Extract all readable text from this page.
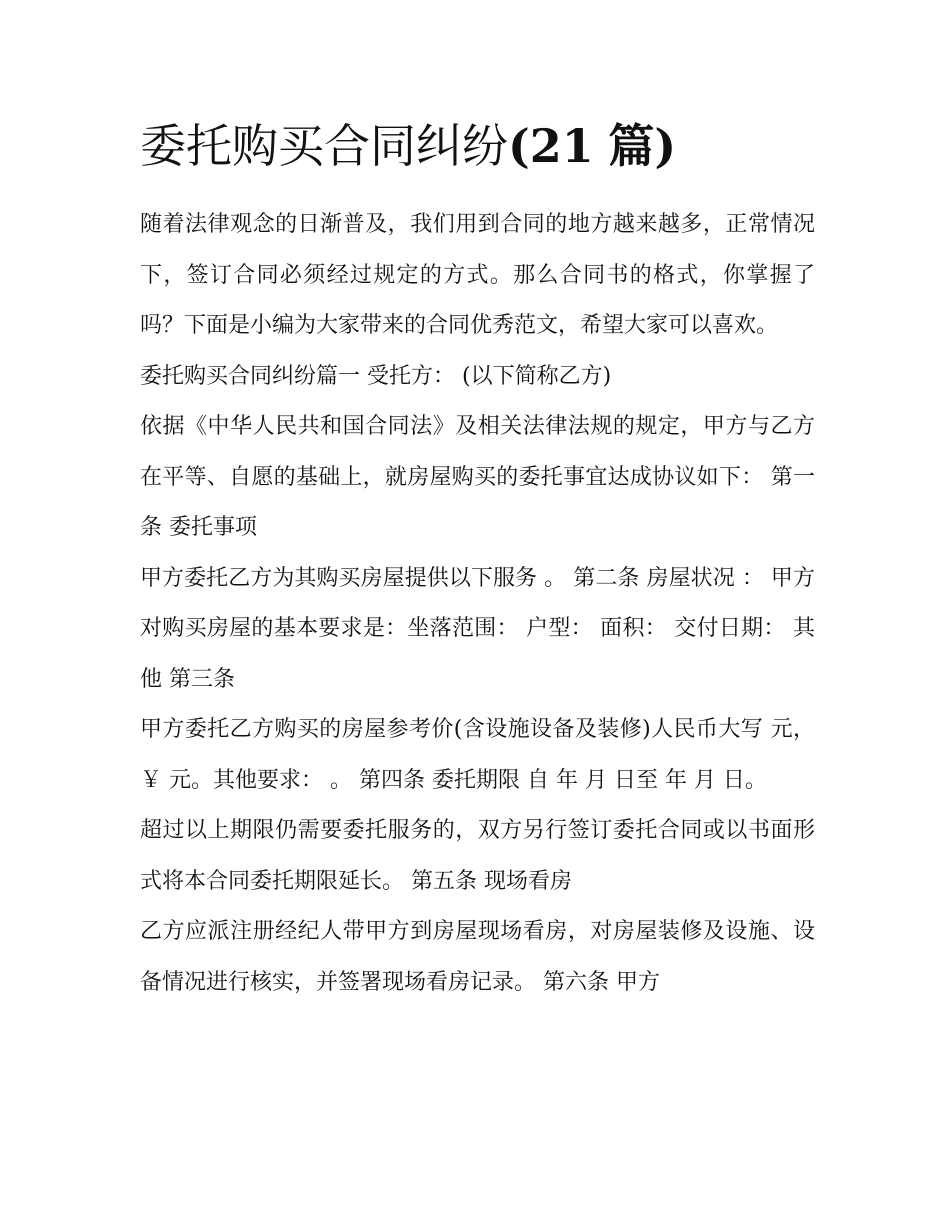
委托购买合同纠纷(21 篇)

随着法律观念的日渐普及，我们用到合同的地方越来越多，正常情况下，签订合同必须经过规定的方式。那么合同书的格式，你掌握了吗？下面是小编为大家带来的合同优秀范文，希望大家可以喜欢。

委托购买合同纠纷篇一 受托方： (以下简称乙方)

依据《中华人民共和国合同法》及相关法律法规的规定，甲方与乙方在平等、自愿的基础上，就房屋购买的委托事宜达成协议如下： 第一条 委托事项

甲方委托乙方为其购买房屋提供以下服务 。 第二条 房屋状况 ： 甲方对购买房屋的基本要求是：坐落范围： 户型： 面积： 交付日期： 其他 第三条

甲方委托乙方购买的房屋参考价(含设施设备及装修)人民币大写 元，￥ 元。其他要求： 。 第四条 委托期限 自 年 月 日至 年 月 日。

超过以上期限仍需要委托服务的，双方另行签订委托合同或以书面形式将本合同委托期限延长。 第五条 现场看房

乙方应派注册经纪人带甲方到房屋现场看房，对房屋装修及设施、设备情况进行核实，并签署现场看房记录。 第六条 甲方
